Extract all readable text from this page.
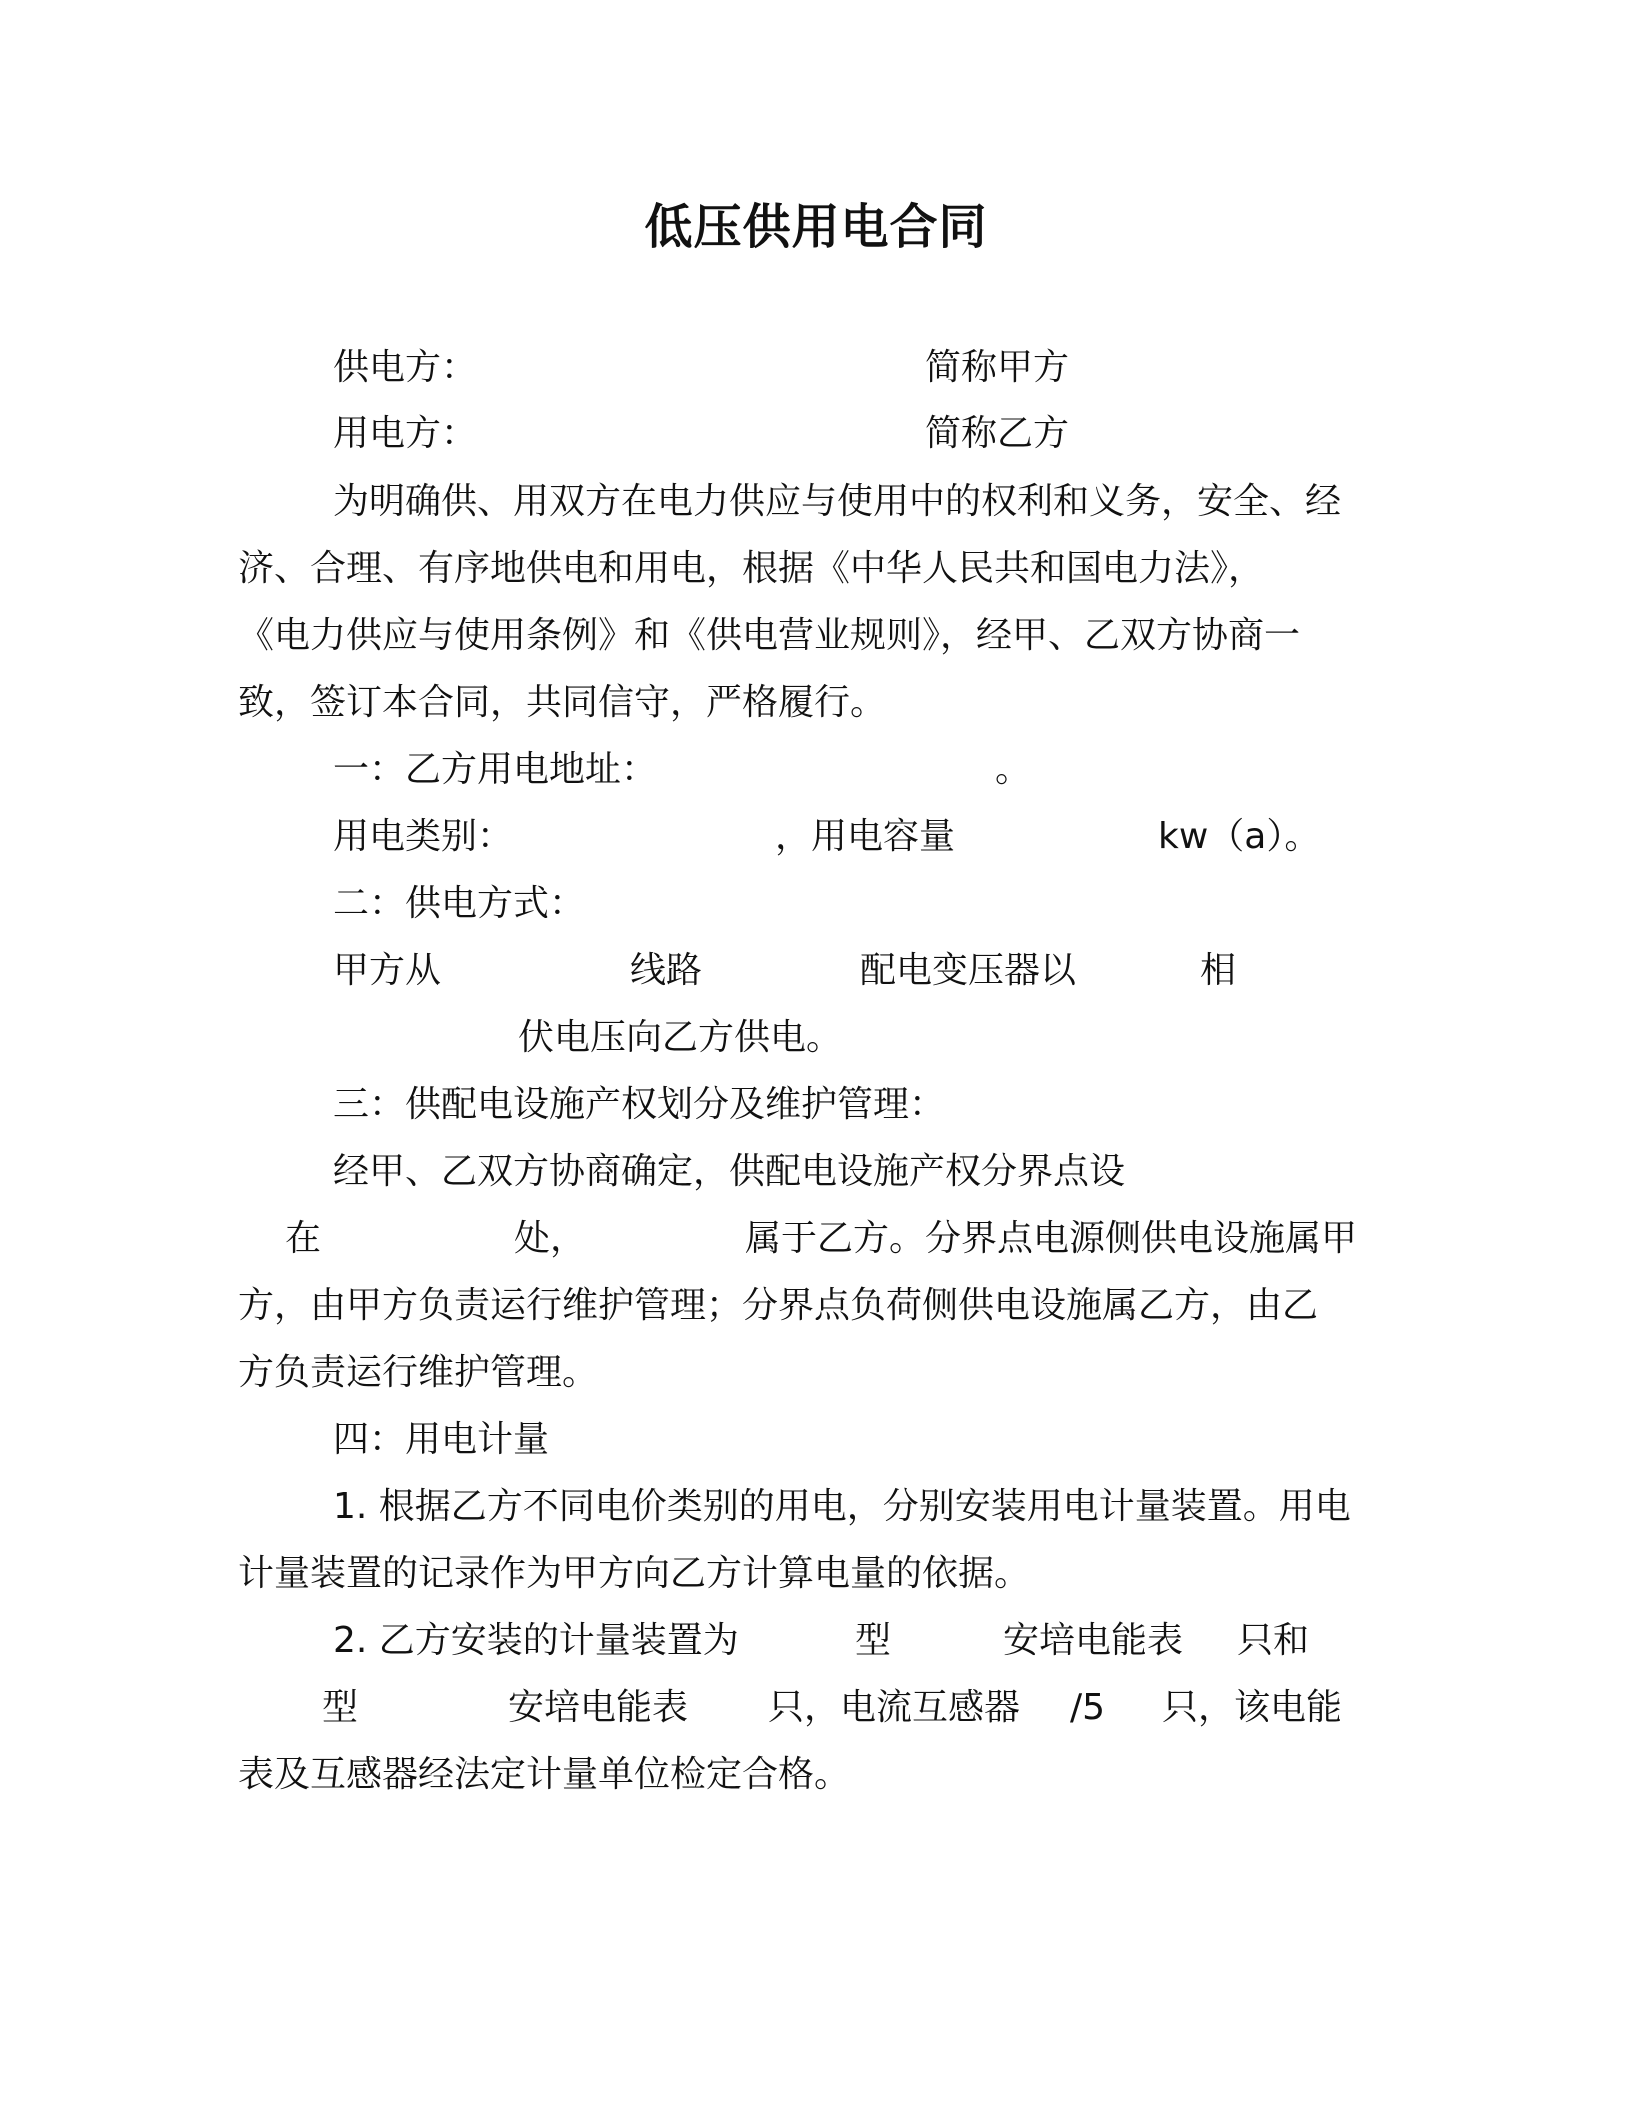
低压供用电合同
供电方：	简称甲方
用电方：	简称乙方
为明确供、用双方在电力供应与使用中的权利和义务，安全、经
济、合理、有序地供电和用电，根据《中华人民共和国电力法》，
《电力供应与使用条例》和《供电营业规则》，经甲、乙双方协商一
致，签订本合同，共同信守，严格履行。
一：乙方用电地址：	。
用电类别：	，用电容量	kw（a）。
二：供电方式：
甲方从	线路	配电变压器以	相
伏电压向乙方供电。
三：供配电设施产权划分及维护管理：
经甲、乙双方协商确定，供配电设施产权分界点设
在	处，	属于乙方。分界点电源侧供电设施属甲
方，由甲方负责运行维护管理；分界点负荷侧供电设施属乙方，由乙
方负责运行维护管理。
四：用电计量
1. 根据乙方不同电价类别的用电，分别安装用电计量装置。用电
计量装置的记录作为甲方向乙方计算电量的依据。
2. 乙方安装的计量装置为	型	安培电能表 只和
型	安培电能表 只，电流互感器 /5 只，该电能
表及互感器经法定计量单位检定合格。
